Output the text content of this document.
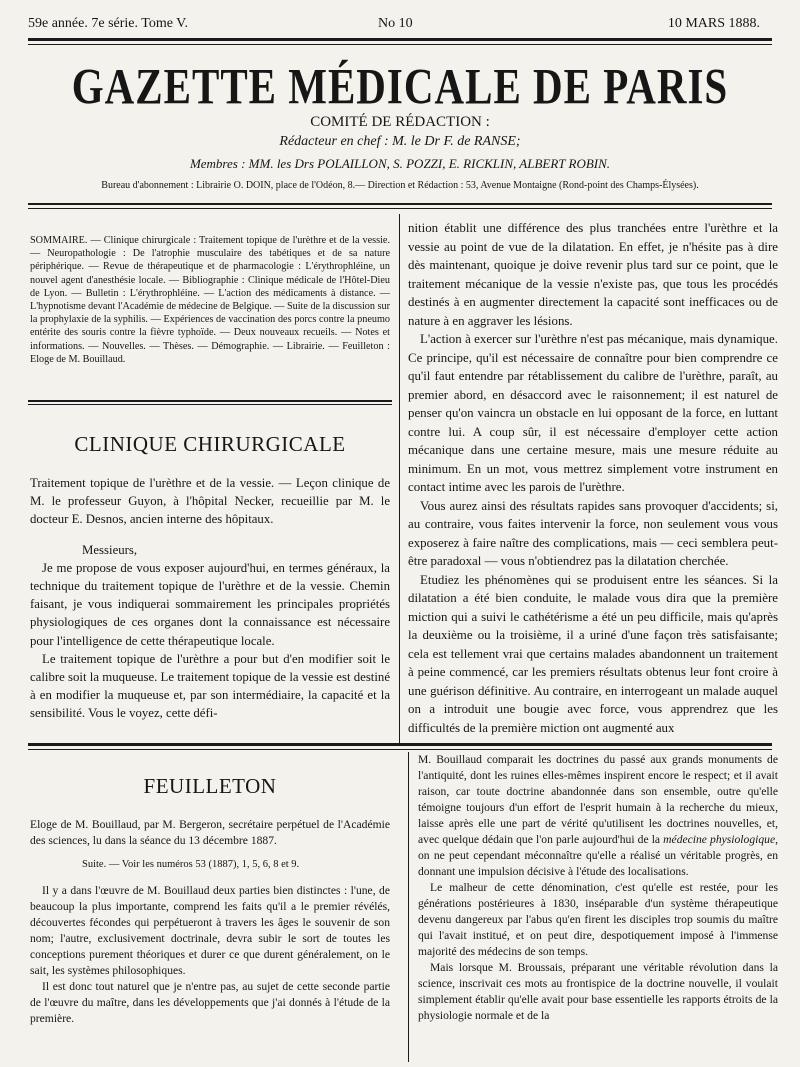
59e année. 7e série. Tome V.	No 10	10 MARS 1888.
GAZETTE MÉDICALE DE PARIS
COMITÉ DE RÉDACTION :
Rédacteur en chef : M. le Dr F. de RANSE;
Membres : MM. les Drs POLAILLON, S. POZZI, E. RICKLIN, ALBERT ROBIN.
Bureau d'abonnement : Librairie O. DOIN, place de l'Odéon, 8.— Direction et Rédaction : 53, Avenue Montaigne (Rond-point des Champs-Élysées).

SOMMAIRE. — Clinique chirurgicale : Traitement topique de l'urèthre et de la vessie. — Neuropathologie : De l'atrophie musculaire des tabétiques et de sa nature périphérique. — Revue de thérapeutique et de pharmacologie : L'érythrophléine, un nouvel agent d'anesthésie locale. — Bibliographie : Clinique médicale de l'Hôtel-Dieu de Lyon. — Bulletin : L'érythrophléine. — L'action des médicaments à distance. — L'hypnotisme devant l'Académie de médecine de Belgique. — Suite de la discussion sur la prophylaxie de la syphilis. — Expériences de vaccination des porcs contre la pneumo entérite des souris contre la fièvre typhoïde. — Deux nouveaux recueils. — Notes et informations. — Nouvelles. — Thèses. — Démographie. — Librairie. — Feuilleton : Eloge de M. Bouillaud.

CLINIQUE CHIRURGICALE

Traitement topique de l'urèthre et de la vessie. — Leçon clinique de M. le professeur Guyon, à l'hôpital Necker, recueillie par M. le docteur E. Desnos, ancien interne des hôpitaux.

Messieurs,

Je me propose de vous exposer aujourd'hui, en termes généraux, la technique du traitement topique de l'urèthre et de la vessie. Chemin faisant, je vous indiquerai sommairement les principales propriétés physiologiques de ces organes dont la connaissance est nécessaire pour l'intelligence de cette thérapeutique locale.

Le traitement topique de l'urèthre a pour but d'en modifier soit le calibre soit la muqueuse. Le traitement topique de la vessie est destiné à en modifier la muqueuse et, par son intermédiaire, la capacité et la sensibilité. Vous le voyez, cette défi-

nition établit une différence des plus tranchées entre l'urèthre et la vessie au point de vue de la dilatation. En effet, je n'hésite pas à dire dès maintenant, quoique je doive revenir plus tard sur ce point, que le traitement mécanique de la vessie n'existe pas, que tous les procédés destinés à en augmenter directement la capacité sont inefficaces ou de nature à en aggraver les lésions.

L'action à exercer sur l'urèthre n'est pas mécanique, mais dynamique. Ce principe, qu'il est nécessaire de connaître pour bien comprendre ce qu'il faut entendre par rétablissement du calibre de l'urèthre, paraît, au premier abord, en désaccord avec le raisonnement; il est naturel de penser qu'on vaincra un obstacle en lui opposant de la force, en luttant contre lui. A coup sûr, il est nécessaire d'employer cette action mécanique dans une certaine mesure, mais une mesure réduite au minimum. En un mot, vous mettrez simplement votre instrument en contact intime avec les parois de l'urèthre.

Vous aurez ainsi des résultats rapides sans provoquer d'accidents; si, au contraire, vous faites intervenir la force, non seulement vous vous exposerez à faire naître des complications, mais — ceci semblera peut-être paradoxal — vous n'obtiendrez pas la dilatation cherchée.

Etudiez les phénomènes qui se produisent entre les séances. Si la dilatation a été bien conduite, le malade vous dira que la première miction qui a suivi le cathétérisme a été un peu difficile, mais qu'après la deuxième ou la troisième, il a uriné d'une façon très satisfaisante; cela est tellement vrai que certains malades abandonnent un traitement à peine commencé, car les premiers résultats obtenus leur font croire à une guérison définitive. Au contraire, en interrogeant un malade auquel on a introduit une bougie avec force, vous apprendrez que les difficultés de la première miction ont augmenté aux

FEUILLETON

Eloge de M. Bouillaud, par M. Bergeron, secrétaire perpétuel de l'Académie des sciences, lu dans la séance du 13 décembre 1887.

Suite. — Voir les numéros 53 (1887), 1, 5, 6, 8 et 9.

Il y a dans l'œuvre de M. Bouillaud deux parties bien distinctes : l'une, de beaucoup la plus importante, comprend les faits qu'il a le premier révélés, découvertes fécondes qui perpétueront à travers les âges le souvenir de son nom; l'autre, exclusivement doctrinale, devra subir le sort de toutes les conceptions purement théoriques et durer ce que durent généralement, on le sait, les systèmes philosophiques.

Il est donc tout naturel que je n'entre pas, au sujet de cette seconde partie de l'œuvre du maître, dans les développements que j'ai donnés à l'étude de la première.

M. Bouillaud comparait les doctrines du passé aux grands monuments de l'antiquité, dont les ruines elles-mêmes inspirent encore le respect; et il avait raison, car toute doctrine abandonnée dans son ensemble, outre qu'elle témoigne toujours d'un effort de l'esprit humain à la recherche du mieux, laisse après elle une part de vérité qu'utilisent les doctrines nouvelles, et, avec quelque dédain que l'on parle aujourd'hui de la médecine physiologique, on ne peut cependant méconnaître qu'elle a réalisé un véritable progrès, en donnant une impulsion décisive à l'étude des localisations.

Le malheur de cette dénomination, c'est qu'elle est restée, pour les générations postérieures à 1830, inséparable d'un système thérapeutique devenu dangereux par l'abus qu'en firent les disciples trop soumis du maître qui l'avait institué, et on peut dire, despotiquement imposé à l'immense majorité des médecins de son temps.

Mais lorsque M. Broussais, préparant une véritable révolution dans la science, inscrivait ces mots au frontispice de la doctrine nouvelle, il voulait simplement établir qu'elle avait pour base essentielle les rapports étroits de la physiologie normale et de la
